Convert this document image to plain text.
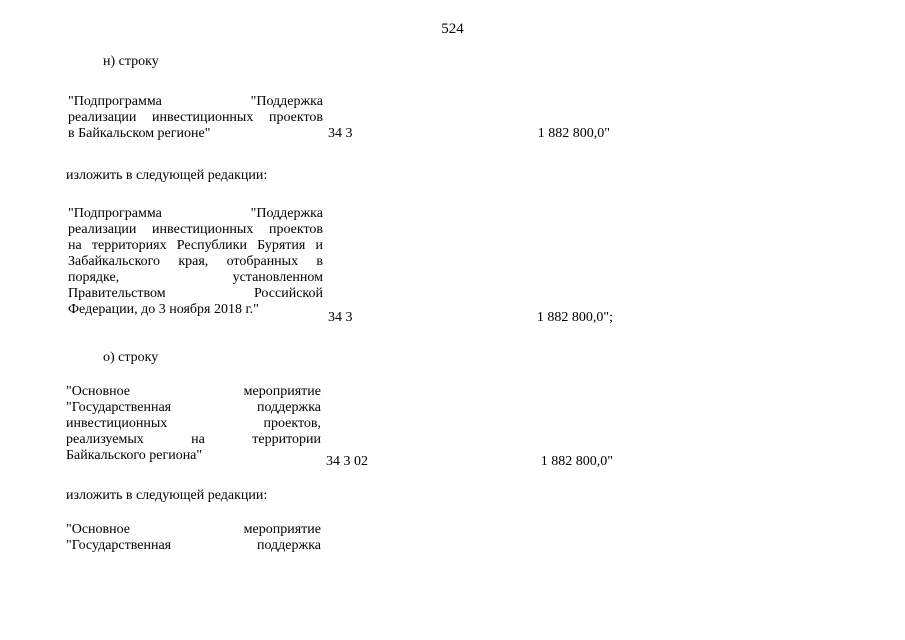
524
н) строку
"Подпрограмма "Поддержка
реализации инвестиционных проектов
в Байкальском регионе"	34 3	1 882 800,0"
изложить в следующей редакции:
"Подпрограмма "Поддержка
реализации инвестиционных проектов
на территориях Республики Бурятия и
Забайкальского края, отобранных в
порядке, установленном
Правительством Российской
Федерации, до 3 ноября 2018 г."
34 3	1 882 800,0";
о) строку
"Основное мероприятие
"Государственная поддержка
инвестиционных проектов,
реализуемых на территории
Байкальского региона"	34 3 02	1 882 800,0"
изложить в следующей редакции:
"Основное мероприятие
"Государственная поддержка
